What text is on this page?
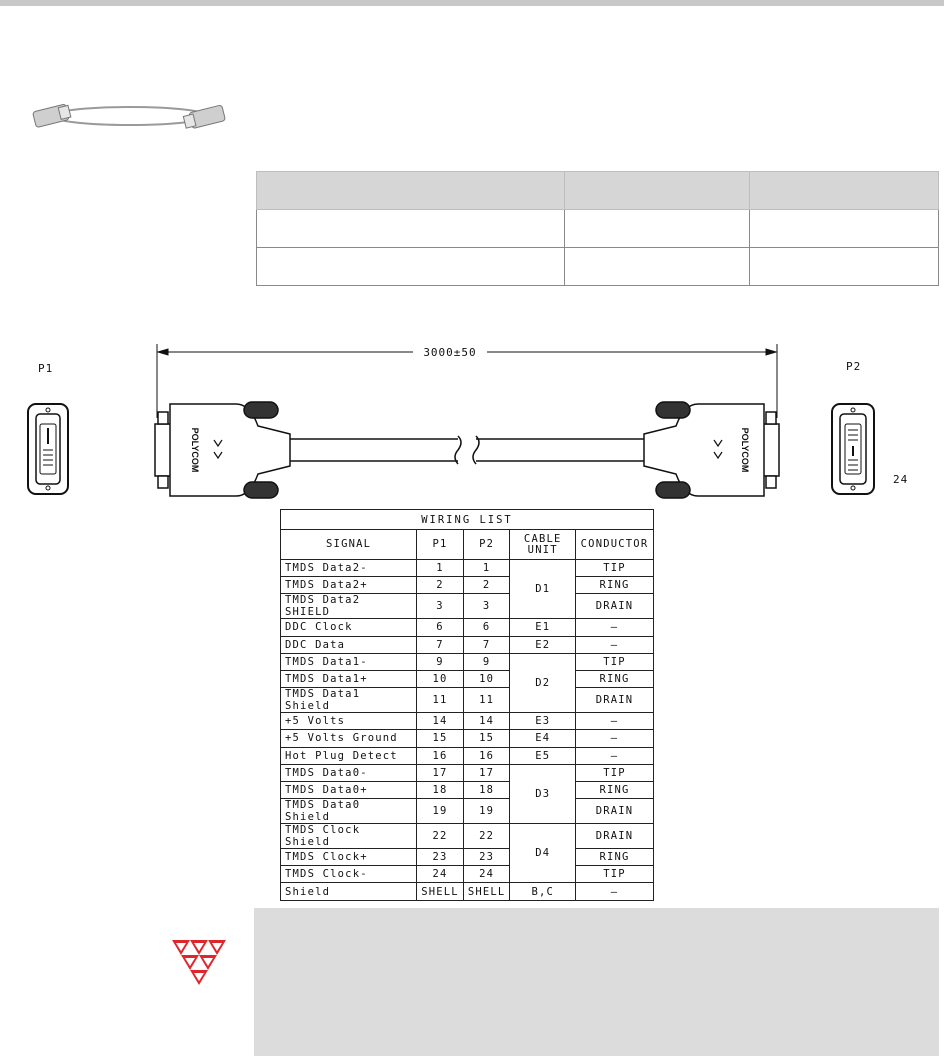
P1	P2
24
3000±50
POLYCOM	POLYCOM
WIRING LIST				
SIGNAL	P1	P2	CABLE UNIT	CONDUCTOR
TMDS Data2-	1	1	D1	TIP
TMDS Data2+	2	2		RING
TMDS Data2 SHIELD	3	3		DRAIN
DDC Clock	6	6	E1	—
DDC Data	7	7	E2	—
TMDS Data1-	9	9	D2	TIP
TMDS Data1+	10	10		RING
TMDS Data1 Shield	11	11		DRAIN
+5 Volts	14	14	E3	—
+5 Volts Ground	15	15	E4	—
Hot Plug Detect	16	16	E5	—
TMDS Data0-	17	17	D3	TIP
TMDS Data0+	18	18		RING
TMDS Data0 Shield	19	19		DRAIN
TMDS Clock Shield	22	22	D4	DRAIN
TMDS Clock+	23	23		RING
TMDS Clock-	24	24		TIP
Shield	SHELL	SHELL	B,C	—
